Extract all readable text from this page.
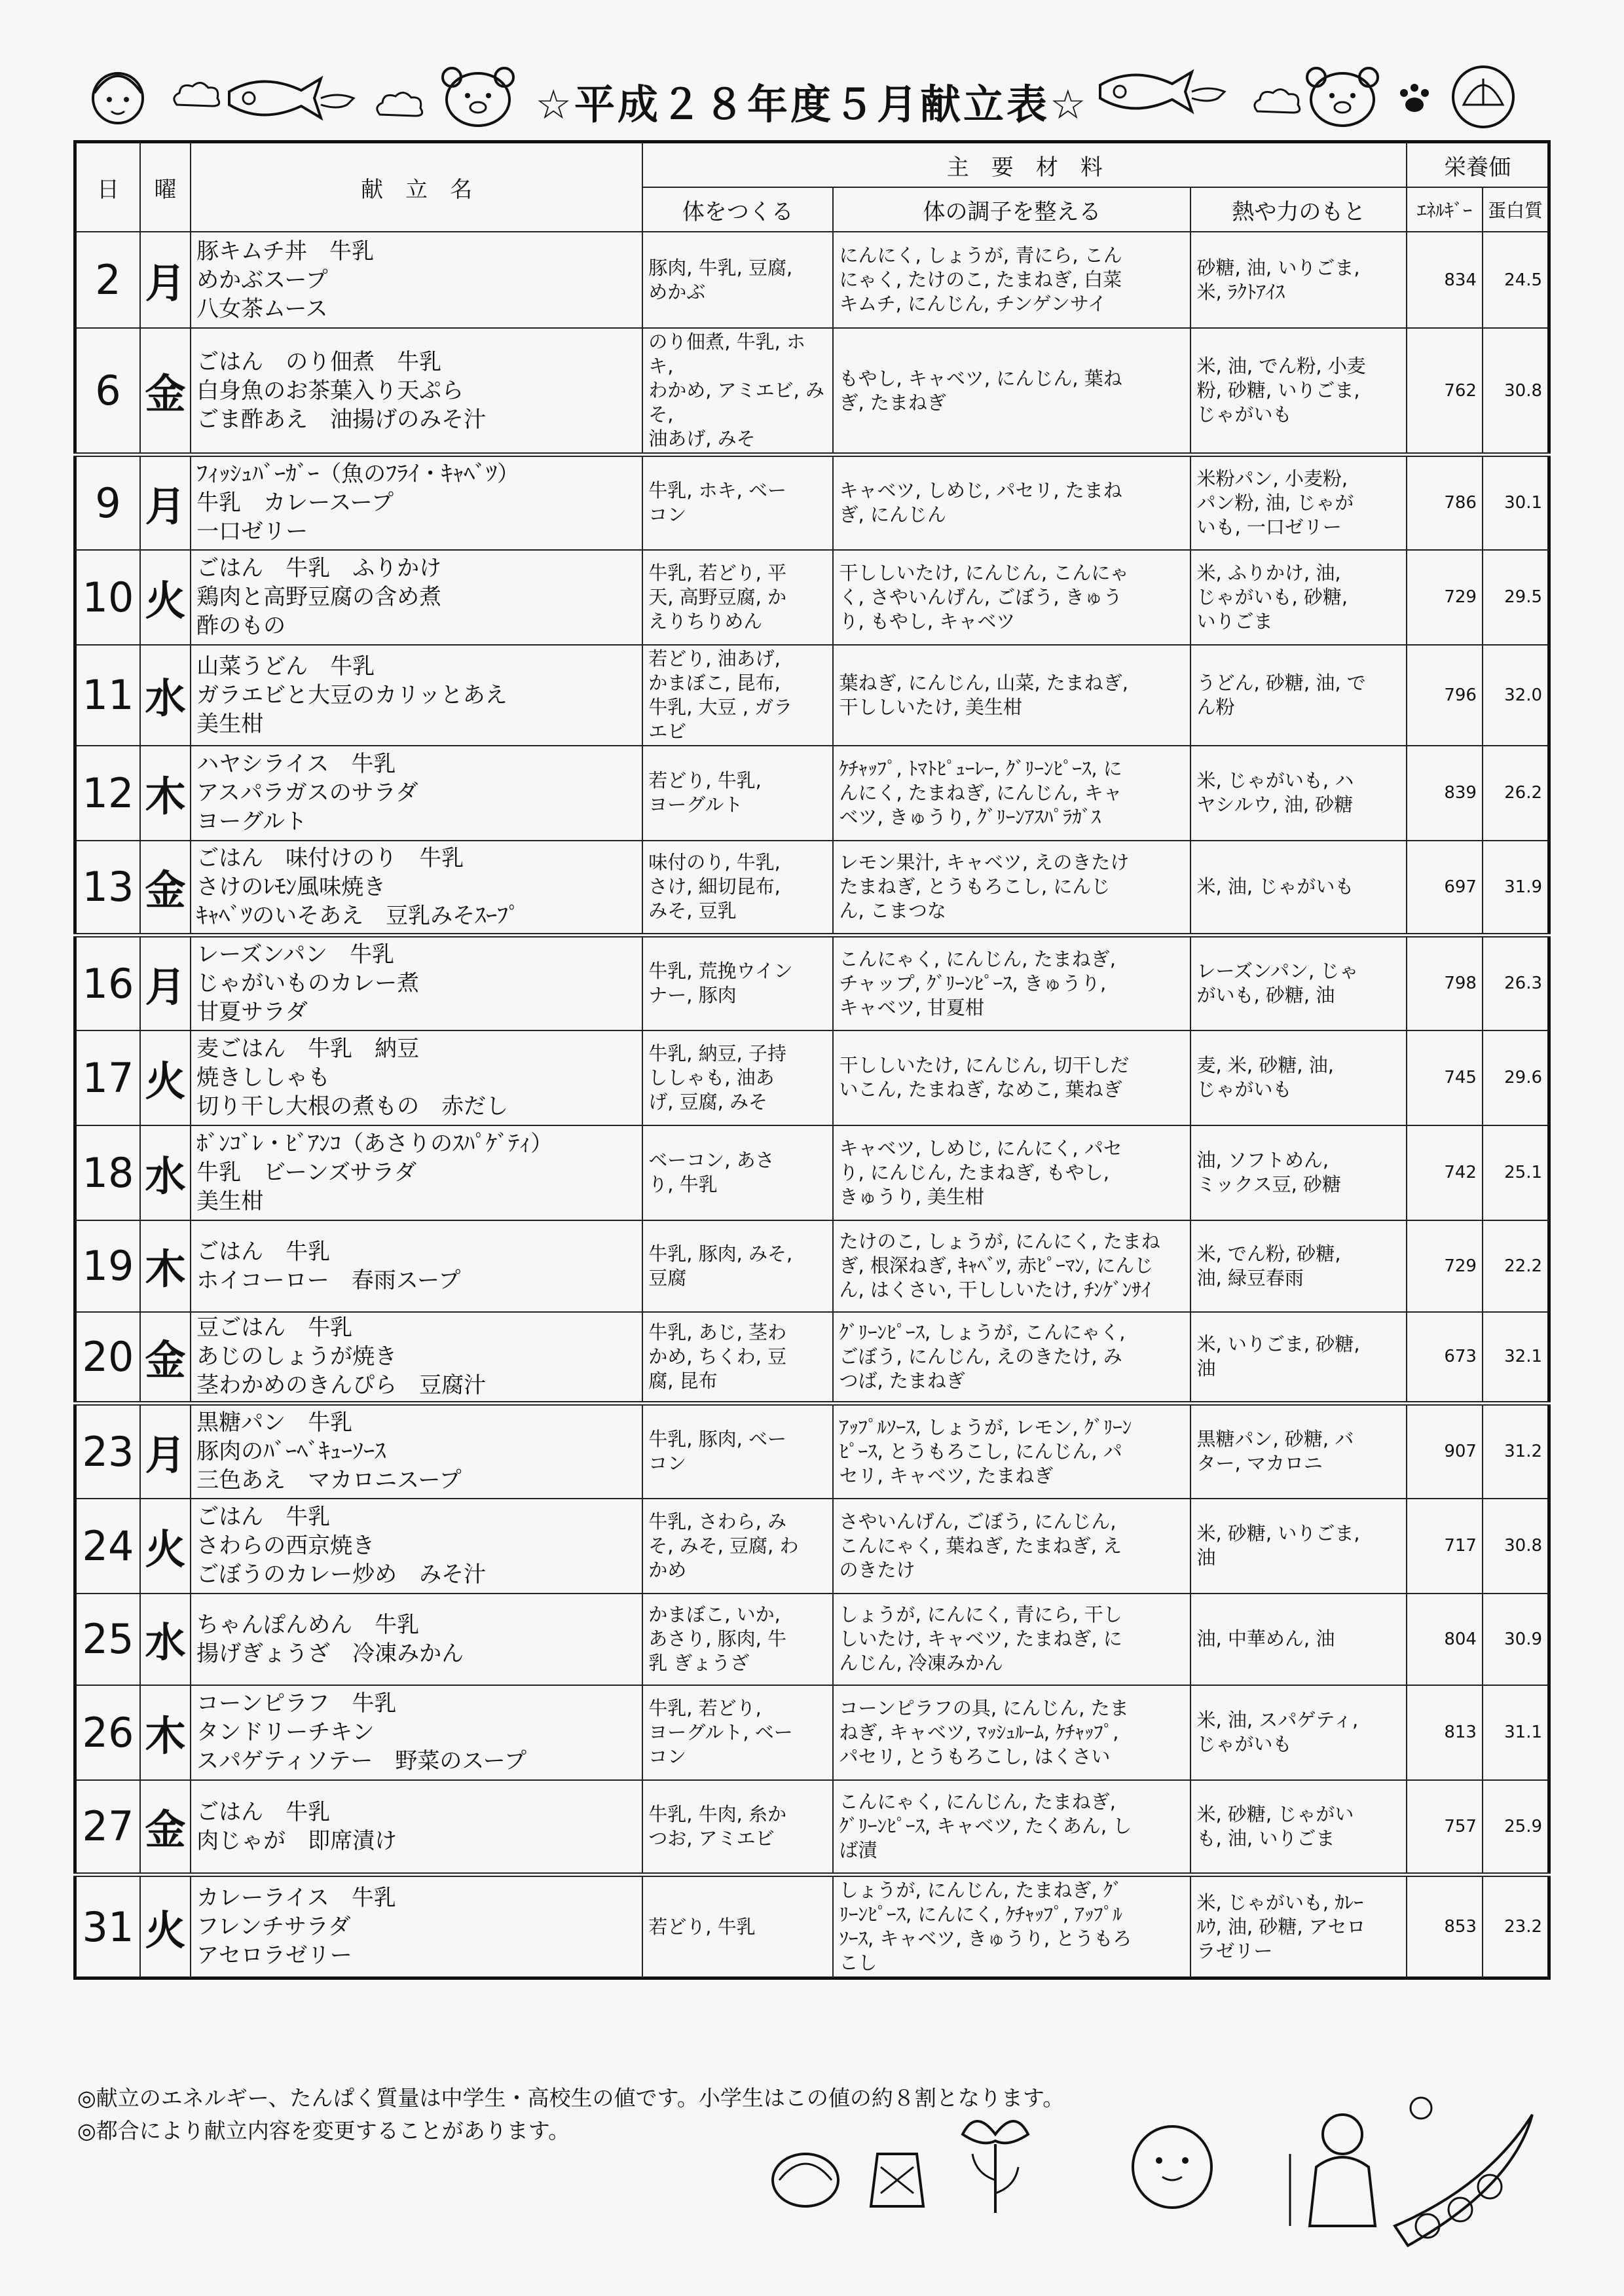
☆平成２８年度５月献立表☆
日	曜	献　立　名	主　要　材　料			栄養価	
			体をつくる	体の調子を整える	熱や力のもと	ｴﾈﾙｷﾞｰ	蛋白質
2	月	豚キムチ丼　牛乳
めかぶスープ
八女茶ムース	豚肉, 牛乳, 豆腐,
めかぶ	にんにく, しょうが, 青にら, こん
にゃく, たけのこ, たまねぎ, 白菜
キムチ, にんじん, チンゲンサイ	砂糖, 油, いりごま,
米, ﾗｸﾄｱｲｽ	834	24.5
6	金	ごはん　のり佃煮　牛乳
白身魚のお茶葉入り天ぷら
ごま酢あえ　油揚げのみそ汁	のり佃煮, 牛乳, ホキ,
わかめ, アミエビ, みそ,
油あげ, みそ	もやし, キャベツ, にんじん, 葉ね
ぎ, たまねぎ	米, 油, でん粉, 小麦
粉, 砂糖, いりごま,
じゃがいも	762	30.8
9	月	ﾌｨｯｼｭﾊﾞｰｶﾞｰ（魚のﾌﾗｲ・ｷｬﾍﾞﾂ）
牛乳　カレースープ
一口ゼリー	牛乳, ホキ, ベー
コン	キャベツ, しめじ, パセリ, たまね
ぎ, にんじん	米粉パン, 小麦粉,
パン粉, 油, じゃが
いも, 一口ゼリー	786	30.1
10	火	ごはん　牛乳　ふりかけ
鶏肉と高野豆腐の含め煮
酢のもの	牛乳, 若どり, 平
天, 高野豆腐, か
えりちりめん	干ししいたけ, にんじん, こんにゃ
く, さやいんげん, ごぼう, きゅう
り, もやし, キャベツ	米, ふりかけ, 油,
じゃがいも, 砂糖,
いりごま	729	29.5
11	水	山菜うどん　牛乳
ガラエビと大豆のカリッとあえ
美生柑	若どり, 油あげ,
かまぼこ, 昆布,
牛乳, 大豆 , ガラ
エビ	葉ねぎ, にんじん, 山菜, たまねぎ,
干ししいたけ, 美生柑	うどん, 砂糖, 油, で
ん粉	796	32.0
12	木	ハヤシライス　牛乳
アスパラガスのサラダ
ヨーグルト	若どり, 牛乳,
ヨーグルト	ｹﾁｬｯﾌﾟ, ﾄﾏﾄﾋﾟｭｰﾚｰ, ｸﾞﾘｰﾝﾋﾟｰｽ, に
んにく, たまねぎ, にんじん, キャ
ベツ, きゅうり, ｸﾞﾘｰﾝｱｽﾊﾟﾗｶﾞｽ	米, じゃがいも, ハ
ヤシルウ, 油, 砂糖	839	26.2
13	金	ごはん　味付けのり　牛乳
さけのﾚﾓﾝ風味焼き
ｷｬﾍﾞﾂのいそあえ　豆乳みそｽｰﾌﾟ	味付のり, 牛乳,
さけ, 細切昆布,
みそ, 豆乳	レモン果汁, キャベツ, えのきたけ
たまねぎ, とうもろこし, にんじ
ん, こまつな	米, 油, じゃがいも	697	31.9
16	月	レーズンパン　牛乳
じゃがいものカレー煮
甘夏サラダ	牛乳, 荒挽ウイン
ナー, 豚肉	こんにゃく, にんじん, たまねぎ,
チャップ, ｸﾞﾘｰﾝﾋﾟｰｽ, きゅうり,
キャベツ, 甘夏柑	レーズンパン, じゃ
がいも, 砂糖, 油	798	26.3
17	火	麦ごはん　牛乳　納豆
焼きししゃも
切り干し大根の煮もの　赤だし	牛乳, 納豆, 子持
ししゃも, 油あ
げ, 豆腐, みそ	干ししいたけ, にんじん, 切干しだ
いこん, たまねぎ, なめこ, 葉ねぎ	麦, 米, 砂糖, 油,
じゃがいも	745	29.6
18	水	ﾎﾞﾝｺﾞﾚ・ﾋﾞｱﾝｺ（あさりのｽﾊﾟｹﾞﾃｨ）
牛乳　ビーンズサラダ
美生柑	ベーコン, あさ
り, 牛乳	キャベツ, しめじ, にんにく, パセ
り, にんじん, たまねぎ, もやし,
きゅうり, 美生柑	油, ソフトめん,
ミックス豆, 砂糖	742	25.1
19	木	ごはん　牛乳
ホイコーロー　春雨スープ	牛乳, 豚肉, みそ,
豆腐	たけのこ, しょうが, にんにく, たまね
ぎ, 根深ねぎ, ｷｬﾍﾞﾂ, 赤ﾋﾟｰﾏﾝ, にんじ
ん, はくさい, 干ししいたけ, ﾁﾝｹﾞﾝｻｲ	米, でん粉, 砂糖,
油, 緑豆春雨	729	22.2
20	金	豆ごはん　牛乳
あじのしょうが焼き
茎わかめのきんぴら　豆腐汁	牛乳, あじ, 茎わ
かめ, ちくわ, 豆
腐, 昆布	ｸﾞﾘｰﾝﾋﾟｰｽ, しょうが, こんにゃく,
ごぼう, にんじん, えのきたけ, み
つば, たまねぎ	米, いりごま, 砂糖,
油	673	32.1
23	月	黒糖パン　牛乳
豚肉のﾊﾞｰﾍﾞｷｭｰｿｰｽ
三色あえ　マカロニスープ	牛乳, 豚肉, ベー
コン	ｱｯﾌﾟﾙｿｰｽ, しょうが, レモン, ｸﾞﾘｰﾝ
ﾋﾟｰｽ, とうもろこし, にんじん, パ
セリ, キャベツ, たまねぎ	黒糖パン, 砂糖, バ
ター, マカロニ	907	31.2
24	火	ごはん　牛乳
さわらの西京焼き
ごぼうのカレー炒め　みそ汁	牛乳, さわら, み
そ, みそ, 豆腐, わ
かめ	さやいんげん, ごぼう, にんじん,
こんにゃく, 葉ねぎ, たまねぎ, え
のきたけ	米, 砂糖, いりごま,
油	717	30.8
25	水	ちゃんぽんめん　牛乳
揚げぎょうざ　冷凍みかん	かまぼこ, いか,
あさり, 豚肉, 牛
乳 ぎょうざ	しょうが, にんにく, 青にら, 干し
しいたけ, キャベツ, たまねぎ, に
んじん, 冷凍みかん	油, 中華めん, 油	804	30.9
26	木	コーンピラフ　牛乳
タンドリーチキン
スパゲティソテー　野菜のスープ	牛乳, 若どり,
ヨーグルト, ベー
コン	コーンピラフの具, にんじん, たま
ねぎ, キャベツ, ﾏｯｼｭﾙｰﾑ, ｹﾁｬｯﾌﾟ,
パセリ, とうもろこし, はくさい	米, 油, スパゲティ,
じゃがいも	813	31.1
27	金	ごはん　牛乳
肉じゃが　即席漬け	牛乳, 牛肉, 糸か
つお, アミエビ	こんにゃく, にんじん, たまねぎ,
ｸﾞﾘｰﾝﾋﾟｰｽ, キャベツ, たくあん, し
ば漬	米, 砂糖, じゃがい
も, 油, いりごま	757	25.9
31	火	カレーライス　牛乳
フレンチサラダ
アセロラゼリー	若どり, 牛乳	しょうが, にんじん, たまねぎ, ｸﾞ
ﾘｰﾝﾋﾟｰｽ, にんにく, ｹﾁｬｯﾌﾟ, ｱｯﾌﾟﾙ
ｿｰｽ, キャベツ, きゅうり, とうもろ
こし	米, じゃがいも, ｶﾚｰ
ﾙｳ, 油, 砂糖, アセロ
ラゼリー	853	23.2
◎献立のエネルギー、たんぱく質量は中学生・高校生の値です。小学生はこの値の約８割となります。
◎都合により献立内容を変更することがあります。
